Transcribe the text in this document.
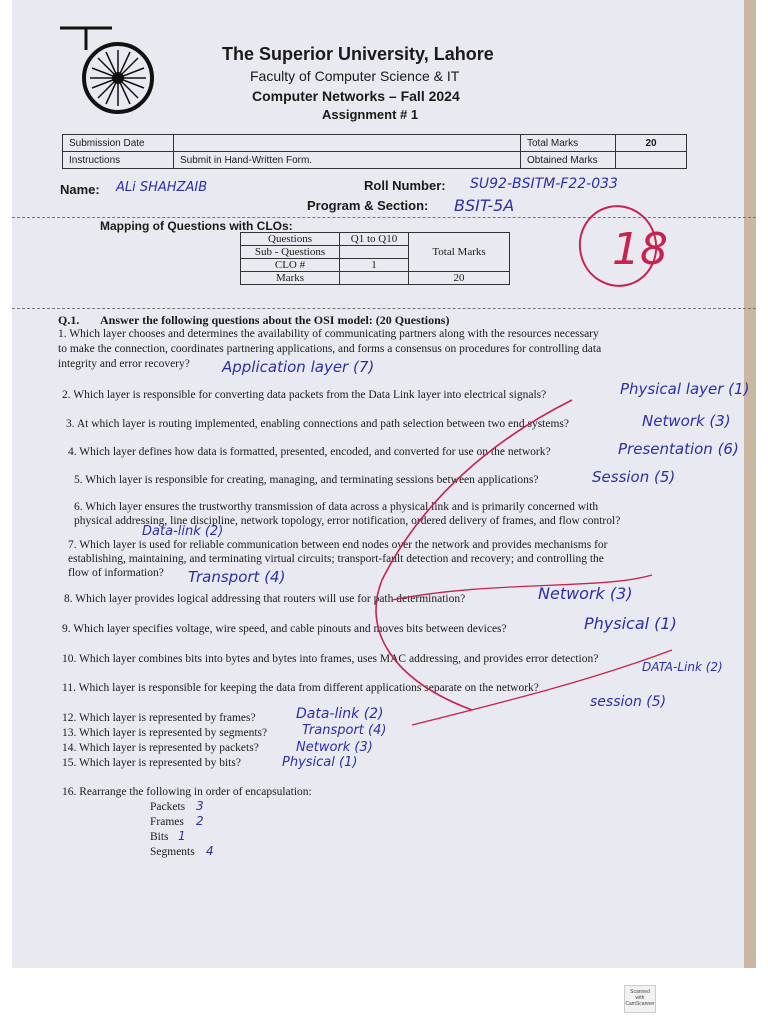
The Superior University, Lahore
Faculty of Computer Science & IT
Computer Networks – Fall 2024
Assignment # 1
Submission Date		Total Marks	20
Instructions	Submit in Hand-Written Form.	Obtained Marks	
Name: ALi SHAHZAIB	Roll Number: SU92-BSITM-F22-033
Program & Section: BSIT-5A
18
Mapping of Questions with CLOs:
Questions	Q1 to Q10	Total Marks
Sub - Questions		
CLO #	1	
Marks		20
Q.1. Answer the following questions about the OSI model: (20 Questions)
1. Which layer chooses and determines the availability of communicating partners along with the resources necessary
to make the connection, coordinates partnering applications, and forms a consensus on procedures for controlling data
integrity and error recovery?	Application layer (7)
2. Which layer is responsible for converting data packets from the Data Link layer into electrical signals?	Physical layer (1)
3. At which layer is routing implemented, enabling connections and path selection between two end systems?	Network (3)
4. Which layer defines how data is formatted, presented, encoded, and converted for use on the network?	Presentation (6)
5. Which layer is responsible for creating, managing, and terminating sessions between applications?	Session (5)
6. Which layer ensures the trustworthy transmission of data across a physical link and is primarily concerned with
physical addressing, line discipline, network topology, error notification, ordered delivery of frames, and flow control?
Data-link (2)
7. Which layer is used for reliable communication between end nodes over the network and provides mechanisms for
establishing, maintaining, and terminating virtual circuits; transport-fault detection and recovery; and controlling the
flow of information?	Transport (4)
8. Which layer provides logical addressing that routers will use for path determination?	Network (3)
9. Which layer specifies voltage, wire speed, and cable pinouts and moves bits between devices?	Physical (1)
10. Which layer combines bits into bytes and bytes into frames, uses MAC addressing, and provides error detection?
DATA-Link (2)
11. Which layer is responsible for keeping the data from different applications separate on the network?
session (5)
12. Which layer is represented by frames?	Data-link (2)
13. Which layer is represented by segments?	Transport (4)
14. Which layer is represented by packets?	Network (3)
15. Which layer is represented by bits?	Physical (1)
16. Rearrange the following in order of encapsulation:
Packets 3
Frames 2
Bits 1
Segments 4
Scanned with CamScanner
